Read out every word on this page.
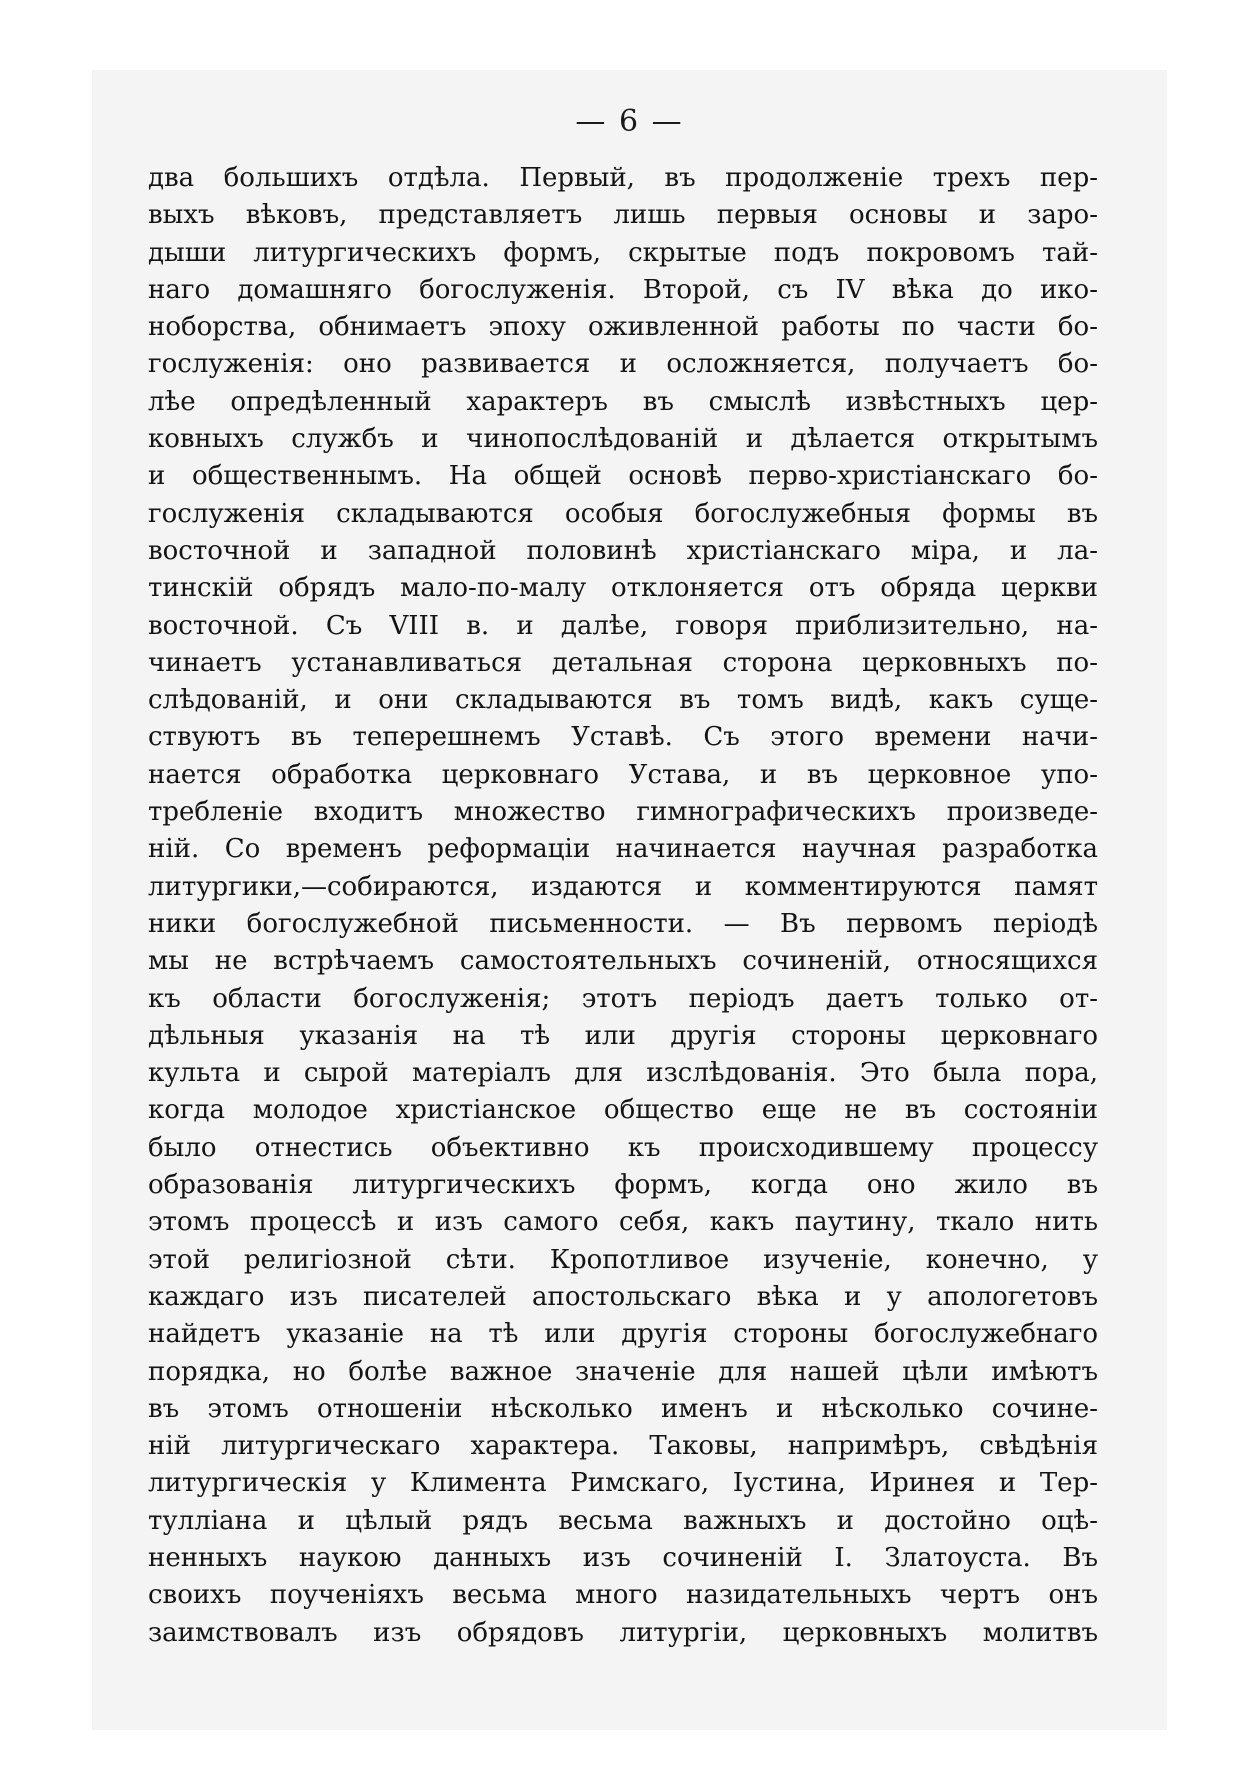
— 6 —
два большихъ отдѣла. Первый, въ продолженіе трехъ пер-
выхъ вѣковъ, представляетъ лишь первыя основы и заро-
дыши литургическихъ формъ, скрытые подъ покровомъ тай-
наго домашняго богослуженія. Второй, съ IV вѣка до ико-
ноборства, обнимаетъ эпоху оживленной работы по части бо-
гослуженія: оно развивается и осложняется, получаетъ бо-
лѣе опредѣленный характеръ въ смыслѣ извѣстныхъ цер-
ковныхъ службъ и чинопослѣдованій и дѣлается открытымъ
и общественнымъ. На общей основѣ перво-христіанскаго бо-
гослуженія складываются особыя богослужебныя формы въ
восточной и западной половинѣ христіанскаго міра, и ла-
тинскій обрядъ мало-по-малу отклоняется отъ обряда церкви
восточной. Съ VIII в. и далѣе, говоря приблизительно, на-
чинаетъ устанавливаться детальная сторона церковныхъ по-
слѣдованій, и они складываются въ томъ видѣ, какъ суще-
ствуютъ въ теперешнемъ Уставѣ. Съ этого времени начи-
нается обработка церковнаго Устава, и въ церковное упо-
требленіе входитъ множество гимнографическихъ произведе-
ній. Со временъ реформаціи начинается научная разработка
литургики,—собираются, издаются и комментируются памят
ники богослужебной письменности. — Въ первомъ періодѣ
мы не встрѣчаемъ самостоятельныхъ сочиненій, относящихся
къ области богослуженія; этотъ періодъ даетъ только от-
дѣльныя указанія на тѣ или другія стороны церковнаго
культа и сырой матеріалъ для изслѣдованія. Это была пора,
когда молодое христіанское общество еще не въ состояніи
было отнестись объективно къ происходившему процессу
образованія литургическихъ формъ, когда оно жило въ
этомъ процессѣ и изъ самого себя, какъ паутину, ткало нить
этой религіозной сѣти. Кропотливое изученіе, конечно, у
каждаго изъ писателей апостольскаго вѣка и у апологетовъ
найдетъ указаніе на тѣ или другія стороны богослужебнаго
порядка, но болѣе важное значеніе для нашей цѣли имѣютъ
въ этомъ отношеніи нѣсколько именъ и нѣсколько сочине-
ній литургическаго характера. Таковы, напримѣръ, свѣдѣнія
литургическія у Климента Римскаго, Іустина, Иринея и Тер-
тулліана и цѣлый рядъ весьма важныхъ и достойно оцѣ-
ненныхъ наукою данныхъ изъ сочиненій І. Златоуста. Въ
своихъ поученіяхъ весьма много назидательныхъ чертъ онъ
заимствовалъ изъ обрядовъ литургіи, церковныхъ молитвъ
